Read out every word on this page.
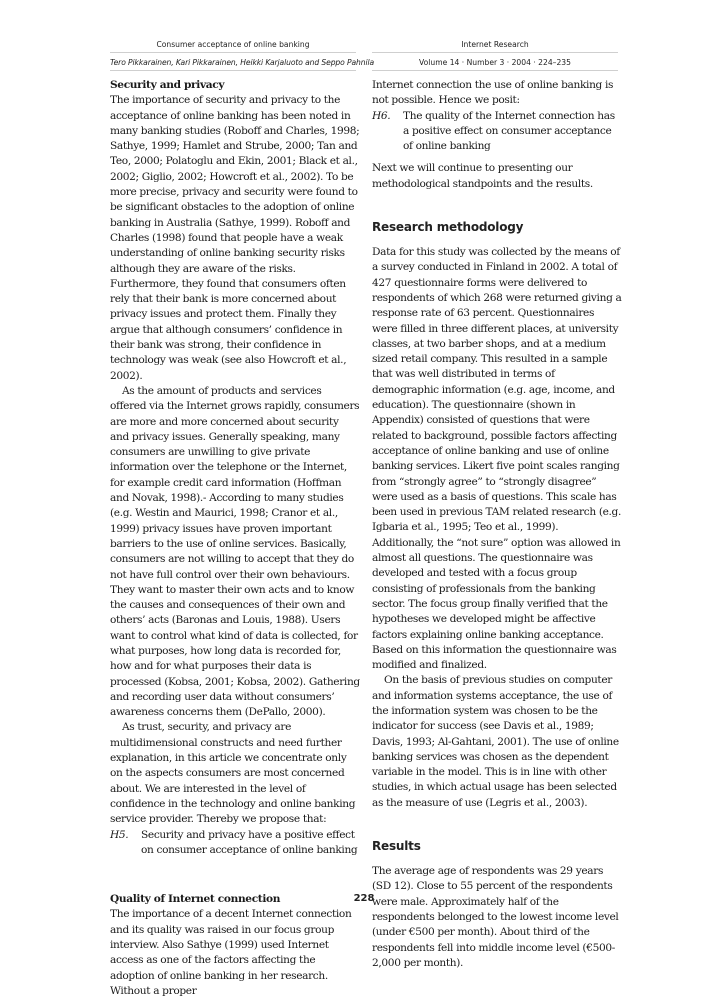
Consumer acceptance of online banking	Internet Research
Tero Pikkarainen, Kari Pikkarainen, Heikki Karjaluoto and Seppo Pahnila	Volume 14 · Number 3 · 2004 · 224–235
Security and privacy

The importance of security and privacy to the acceptance of online banking has been noted in many banking studies (Roboff and Charles, 1998; Sathye, 1999; Hamlet and Strube, 2000; Tan and Teo, 2000; Polatoglu and Ekin, 2001; Black et al., 2002; Giglio, 2002; Howcroft et al., 2002). To be more precise, privacy and security were found to be significant obstacles to the adoption of online banking in Australia (Sathye, 1999). Roboff and Charles (1998) found that people have a weak understanding of online banking security risks although they are aware of the risks. Furthermore, they found that consumers often rely that their bank is more concerned about privacy issues and protect them. Finally they argue that although consumers’ confidence in their bank was strong, their confidence in technology was weak (see also Howcroft et al., 2002).

As the amount of products and services offered via the Internet grows rapidly, consumers are more and more concerned about security and privacy issues. Generally speaking, many consumers are unwilling to give private information over the telephone or the Internet, for example credit card information (Hoffman and Novak, 1998).- According to many studies (e.g. Westin and Maurici, 1998; Cranor et al., 1999) privacy issues have proven important barriers to the use of online services. Basically, consumers are not willing to accept that they do not have full control over their own behaviours. They want to master their own acts and to know the causes and consequences of their own and others’ acts (Baronas and Louis, 1988). Users want to control what kind of data is collected, for what purposes, how long data is recorded for, how and for what purposes their data is processed (Kobsa, 2001; Kobsa, 2002). Gathering and recording user data without consumers’ awareness concerns them (DePallo, 2000).

As trust, security, and privacy are multidimensional constructs and need further explanation, in this article we concentrate only on the aspects consumers are most concerned about. We are interested in the level of confidence in the technology and online banking service provider. Thereby we propose that:

H5.	Security and privacy have a positive effect on consumer acceptance of online banking
Quality of Internet connection

The importance of a decent Internet connection and its quality was raised in our focus group interview. Also Sathye (1999) used Internet access as one of the factors affecting the adoption of online banking in her research. Without a proper

Internet connection the use of online banking is not possible. Hence we posit:

H6.	The quality of the Internet connection has a positive effect on consumer acceptance of online banking

Next we will continue to presenting our methodological standpoints and the results.

Research methodology

Data for this study was collected by the means of a survey conducted in Finland in 2002. A total of 427 questionnaire forms were delivered to respondents of which 268 were returned giving a response rate of 63 percent. Questionnaires were filled in three different places, at university classes, at two barber shops, and at a medium sized retail company. This resulted in a sample that was well distributed in terms of demographic information (e.g. age, income, and education). The questionnaire (shown in Appendix) consisted of questions that were related to background, possible factors affecting acceptance of online banking and use of online banking services. Likert five point scales ranging from “strongly agree” to “strongly disagree” were used as a basis of questions. This scale has been used in previous TAM related research (e.g. Igbaria et al., 1995; Teo et al., 1999). Additionally, the “not sure” option was allowed in almost all questions. The questionnaire was developed and tested with a focus group consisting of professionals from the banking sector. The focus group finally verified that the hypotheses we developed might be affective factors explaining online banking acceptance. Based on this information the questionnaire was modified and finalized.

On the basis of previous studies on computer and information systems acceptance, the use of the information system was chosen to be the indicator for success (see Davis et al., 1989; Davis, 1993; Al-Gahtani, 2001). The use of online banking services was chosen as the dependent variable in the model. This is in line with other studies, in which actual usage has been selected as the measure of use (Legris et al., 2003).

Results

The average age of respondents was 29 years (SD 12). Close to 55 percent of the respondents were male. Approximately half of the respondents belonged to the lowest income level (under €500 per month). About third of the respondents fell into middle income level (€500-2,000 per month).

228
